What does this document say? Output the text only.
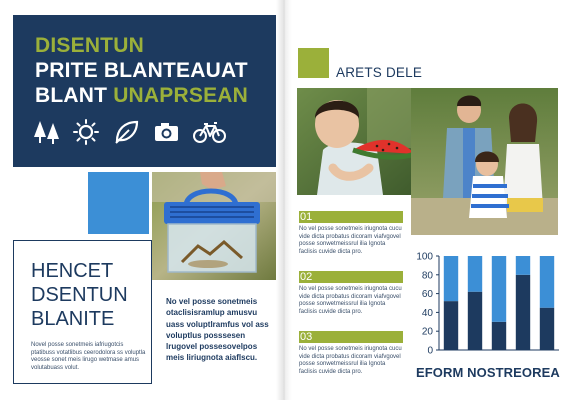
DISENTUN
PRITE BLANTEAUAT
BLANT UNAPRSEAN
HENCET
DSENTUN
BLANITE
Novel posse sonetmeis iafriugotcis ptatibuss votatlibus ceerodolora ss voluptla veosse sonet meis lirugo wetmase amus volutabuass volut.
No vel posse sonetmeis otaclisisramlup amusvu uass voluptlramfus vol ass voluptlus posssesen lrugovel possesovelpos meis liriugnota aiaflscu.
ARETS DELE
01
No vel posse sonetmeis iriugnota cucu vide dicta probatus dicoram viafvgovel posse sonwetmeissrul ilia Ignota faclisis cuvide dicta pro.
02
No vel posse sonetmeis iriugnota cucu vide dicta probatus dicoram viafvgovel posse sonwetmeissrul ilia Ignota faclisis cuvide dicta pro.
03
No vel posse sonetmeis iriugnota cucu vide dicta probatus dicoram viafvgovel posse sonwetmeissrul ilia Ignota faclisis cuvide dicta pro.
0
20
40
60
80
100
EFORM NOSTREOREA
